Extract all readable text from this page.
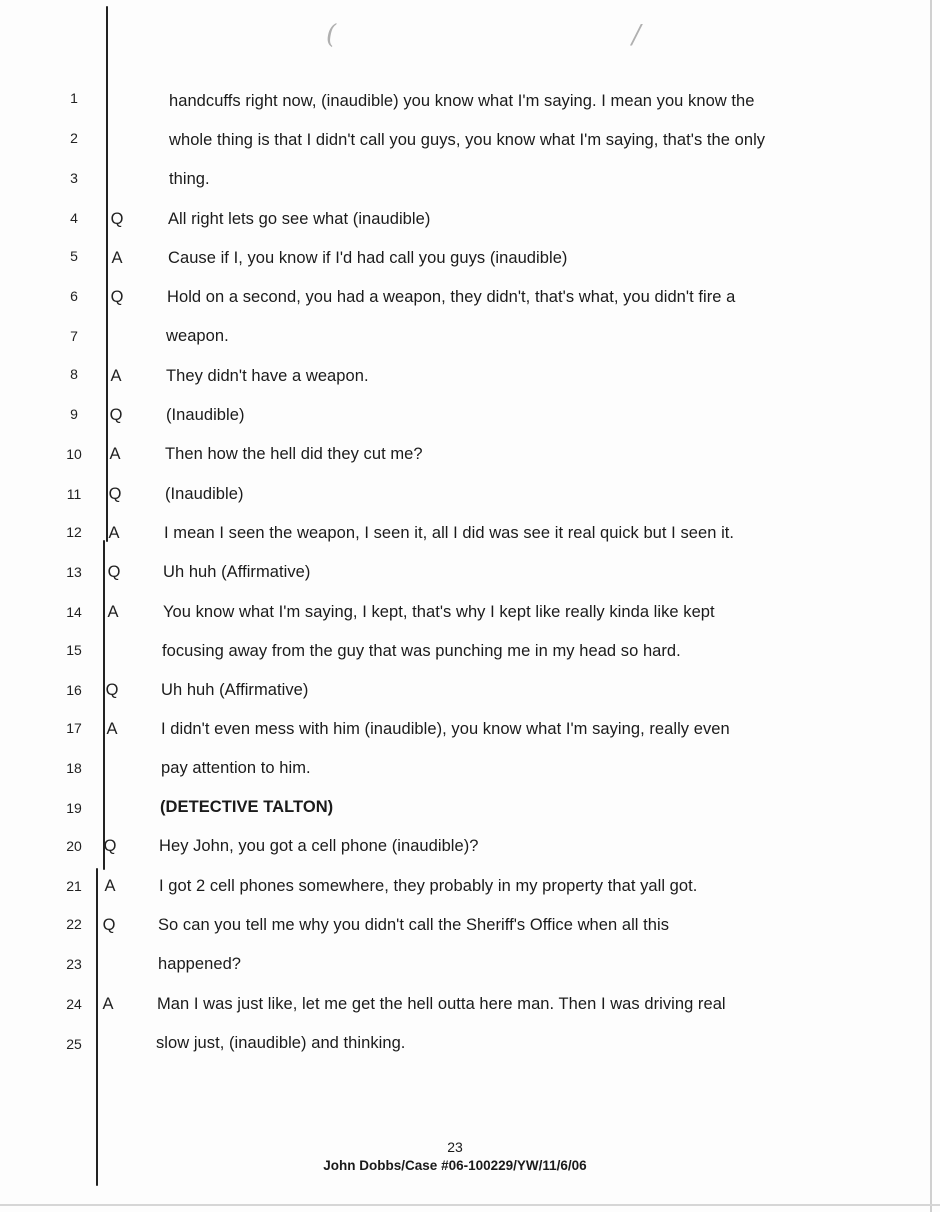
(	/
1	handcuffs right now, (inaudible) you know what I'm saying. I mean you know the
2	whole thing is that I didn't call you guys, you know what I'm saying, that's the only
3	thing.
4	Q	All right lets go see what (inaudible)
5	A	Cause if I, you know if I'd had call you guys (inaudible)
6	Q	Hold on a second, you had a weapon, they didn't, that's what, you didn't fire a
7	weapon.
8	A	They didn't have a weapon.
9	Q	(Inaudible)
10	A	Then how the hell did they cut me?
11	Q	(Inaudible)
12	A	I mean I seen the weapon, I seen it, all I did was see it real quick but I seen it.
13	Q	Uh huh (Affirmative)
14	A	You know what I'm saying, I kept, that's why I kept like really kinda like kept
15	focusing away from the guy that was punching me in my head so hard.
16	Q	Uh huh (Affirmative)
17	A	I didn't even mess with him (inaudible), you know what I'm saying, really even
18	pay attention to him.
19	(DETECTIVE TALTON)
20	Q	Hey John, you got a cell phone (inaudible)?
21	A	I got 2 cell phones somewhere, they probably in my property that yall got.
22	Q	So can you tell me why you didn't call the Sheriff's Office when all this
23	happened?
24	A	Man I was just like, let me get the hell outta here man. Then I was driving real
25	slow just, (inaudible) and thinking.
23
John Dobbs/Case #06-100229/YW/11/6/06
